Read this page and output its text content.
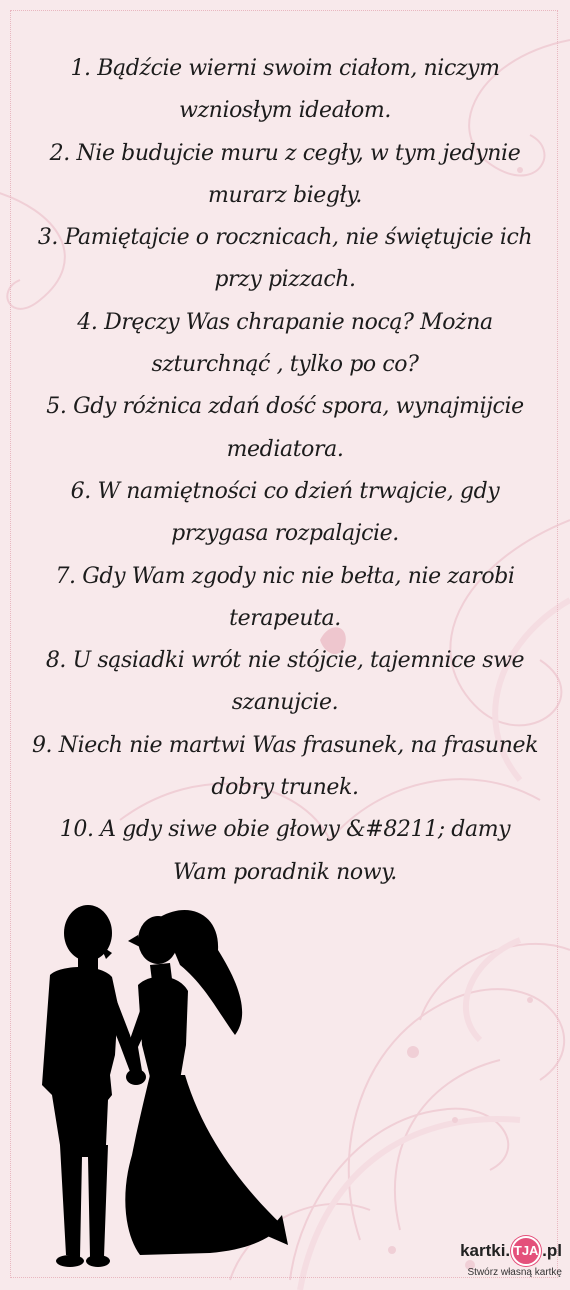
1. Bądźcie wierni swoim ciałom, niczym wzniosłym ideałom.
2. Nie budujcie muru z cegły, w tym jedynie murarz biegły.
3. Pamiętajcie o rocznicach, nie świętujcie ich przy pizzach.
4. Dręczy Was chrapanie nocą? Można szturchnąć , tylko po co?
5. Gdy różnica zdań dość spora, wynajmijcie mediatora.
6. W namiętności co dzień trwajcie, gdy przygasa rozpalajcie.
7. Gdy Wam zgody nic nie bełta, nie zarobi terapeuta.
8. U sąsiadki wrót nie stójcie, tajemnice swe szanujcie.
9. Niech nie martwi Was frasunek, na frasunek dobry trunek.
10. A gdy siwe obie głowy &#8211; damy Wam poradnik nowy.
kartki. TJA .pl
Stwórz własną kartkę
